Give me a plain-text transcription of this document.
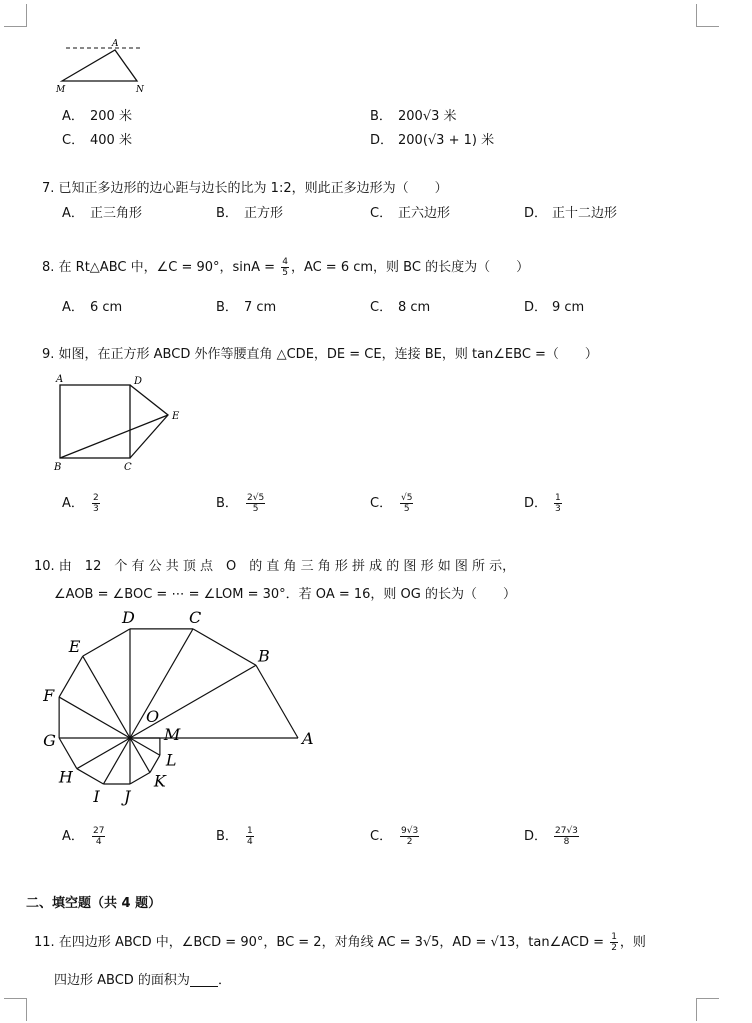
A
M	N
A． 200 米	B． 200√3 米
C． 400 米	D． 200(√3 + 1) 米
7. 已知正多边形的边心距与边长的比为 1:2，则此正多边形为（　　）
A． 正三角形	B． 正方形	C． 正六边形	D． 正十二边形
8. 在 Rt△ABC 中，∠C = 90°，$\sin A = \frac{4}{5}$ ，AC = 6 cm，则 BC 的长度为（　　）
A． 6 cm	B． 7 cm	C． 8 cm	D． 9 cm
9. 如图，在正方形 ABCD 外作等腰直角 △CDE，DE = CE，连接 BE，则 tan∠EBC =（　　）
A	D
E
B	C
A． $\frac{2}{3}$	B． $\frac{2√5}{5}$	C． $\frac{√5}{5}$	D． $\frac{1}{3}$
10. 由　12　个 有 公 共 顶 点　O　的 直 角 三 角 形 拼 成 的 图 形 如 图 所 示，
∠AOB = ∠BOC = ⋯ = ∠LOM = 30°．若 OA = 16，则 OG 的长为（　　）
A
B
C
D
E
F
G
H
I J
K
L
M
O
A． $\frac{27}{4}$	B． $\frac{1}{4}$	C． $\frac{9√3}{2}$	D． $\frac{27√3}{8}$
二、填空题（共 4 题）
11. 在四边形 ABCD 中，∠BCD = 90°，BC = 2，对角线 AC = 3√5，AD = √13，tan∠ACD = $\frac{1}{2}$ ，则
四边形 ABCD 的面积为 ．
